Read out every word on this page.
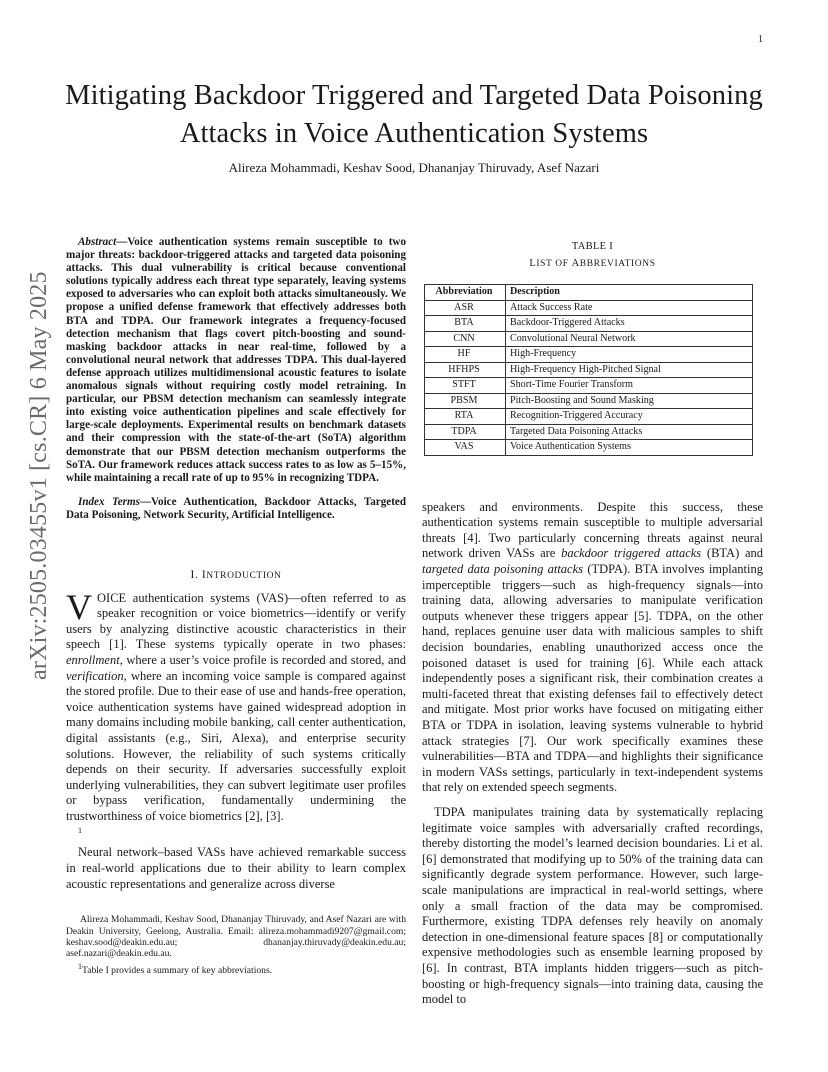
1
arXiv:2505.03455v1 [cs.CR] 6 May 2025
Mitigating Backdoor Triggered and Targeted Data Poisoning Attacks in Voice Authentication Systems
Alireza Mohammadi, Keshav Sood, Dhananjay Thiruvady, Asef Nazari
Abstract—Voice authentication systems remain susceptible to two major threats: backdoor-triggered attacks and targeted data poisoning attacks. This dual vulnerability is critical because conventional solutions typically address each threat type separately, leaving systems exposed to adversaries who can exploit both attacks simultaneously. We propose a unified defense framework that effectively addresses both BTA and TDPA. Our framework integrates a frequency-focused detection mechanism that flags covert pitch-boosting and sound-masking backdoor attacks in near real-time, followed by a convolutional neural network that addresses TDPA. This dual-layered defense approach utilizes multidimensional acoustic features to isolate anomalous signals without requiring costly model retraining. In particular, our PBSM detection mechanism can seamlessly integrate into existing voice authentication pipelines and scale effectively for large-scale deployments. Experimental results on benchmark datasets and their compression with the state-of-the-art (SoTA) algorithm demonstrate that our PBSM detection mechanism outperforms the SoTA. Our framework reduces attack success rates to as low as 5–15%, while maintaining a recall rate of up to 95% in recognizing TDPA.
Index Terms—Voice Authentication, Backdoor Attacks, Targeted Data Poisoning, Network Security, Artificial Intelligence.
I. INTRODUCTION
VOICE authentication systems (VAS)—often referred to as speaker recognition or voice biometrics—identify or verify users by analyzing distinctive acoustic characteristics in their speech [1]. These systems typically operate in two phases: enrollment, where a user’s voice profile is recorded and stored, and verification, where an incoming voice sample is compared against the stored profile. Due to their ease of use and hands-free operation, voice authentication systems have gained widespread adoption in many domains including mobile banking, call center authentication, digital assistants (e.g., Siri, Alexa), and enterprise security solutions. However, the reliability of such systems critically depends on their security. If adversaries successfully exploit underlying vulnerabilities, they can subvert legitimate user profiles or bypass verification, fundamentally undermining the trustworthiness of voice biometrics [2], [3].
1
Neural network–based VASs have achieved remarkable success in real-world applications due to their ability to learn complex acoustic representations and generalize across diverse
Alireza Mohammadi, Keshav Sood, Dhananjay Thiruvady, and Asef Nazari are with Deakin University, Geelong, Australia. Email: alireza.mohammadi9207@gmail.com; keshav.sood@deakin.edu.au; dhananjay.thiruvady@deakin.edu.au; asef.nazari@deakin.edu.au.
$^1$Table I provides a summary of key abbreviations.
TABLE I
LIST OF ABBREVIATIONS
Abbreviation	Description
ASR	Attack Success Rate
BTA	Backdoor-Triggered Attacks
CNN	Convolutional Neural Network
HF	High-Frequency
HFHPS	High-Frequency High-Pitched Signal
STFT	Short-Time Fourier Transform
PBSM	Pitch-Boosting and Sound Masking
RTA	Recognition-Triggered Accuracy
TDPA	Targeted Data Poisoning Attacks
VAS	Voice Authentication Systems

speakers and environments. Despite this success, these authentication systems remain susceptible to multiple adversarial threats [4]. Two particularly concerning threats against neural network driven VASs are backdoor triggered attacks (BTA) and targeted data poisoning attacks (TDPA). BTA involves implanting imperceptible triggers—such as high-frequency signals—into training data, allowing adversaries to manipulate verification outputs whenever these triggers appear [5]. TDPA, on the other hand, replaces genuine user data with malicious samples to shift decision boundaries, enabling unauthorized access once the poisoned dataset is used for training [6]. While each attack independently poses a significant risk, their combination creates a multi-faceted threat that existing defenses fail to effectively detect and mitigate. Most prior works have focused on mitigating either BTA or TDPA in isolation, leaving systems vulnerable to hybrid attack strategies [7]. Our work specifically examines these vulnerabilities—BTA and TDPA—and highlights their significance in modern VASs settings, particularly in text-independent systems that rely on extended speech segments.

TDPA manipulates training data by systematically replacing legitimate voice samples with adversarially crafted recordings, thereby distorting the model’s learned decision boundaries. Li et al. [6] demonstrated that modifying up to 50% of the training data can significantly degrade system performance. However, such large-scale manipulations are impractical in real-world settings, where only a small fraction of the data may be compromised. Furthermore, existing TDPA defenses rely heavily on anomaly detection in one-dimensional feature spaces [8] or computationally expensive methodologies such as ensemble learning proposed by [6]. In contrast, BTA implants hidden triggers—such as pitch-boosting or high-frequency signals—into training data, causing the model to
